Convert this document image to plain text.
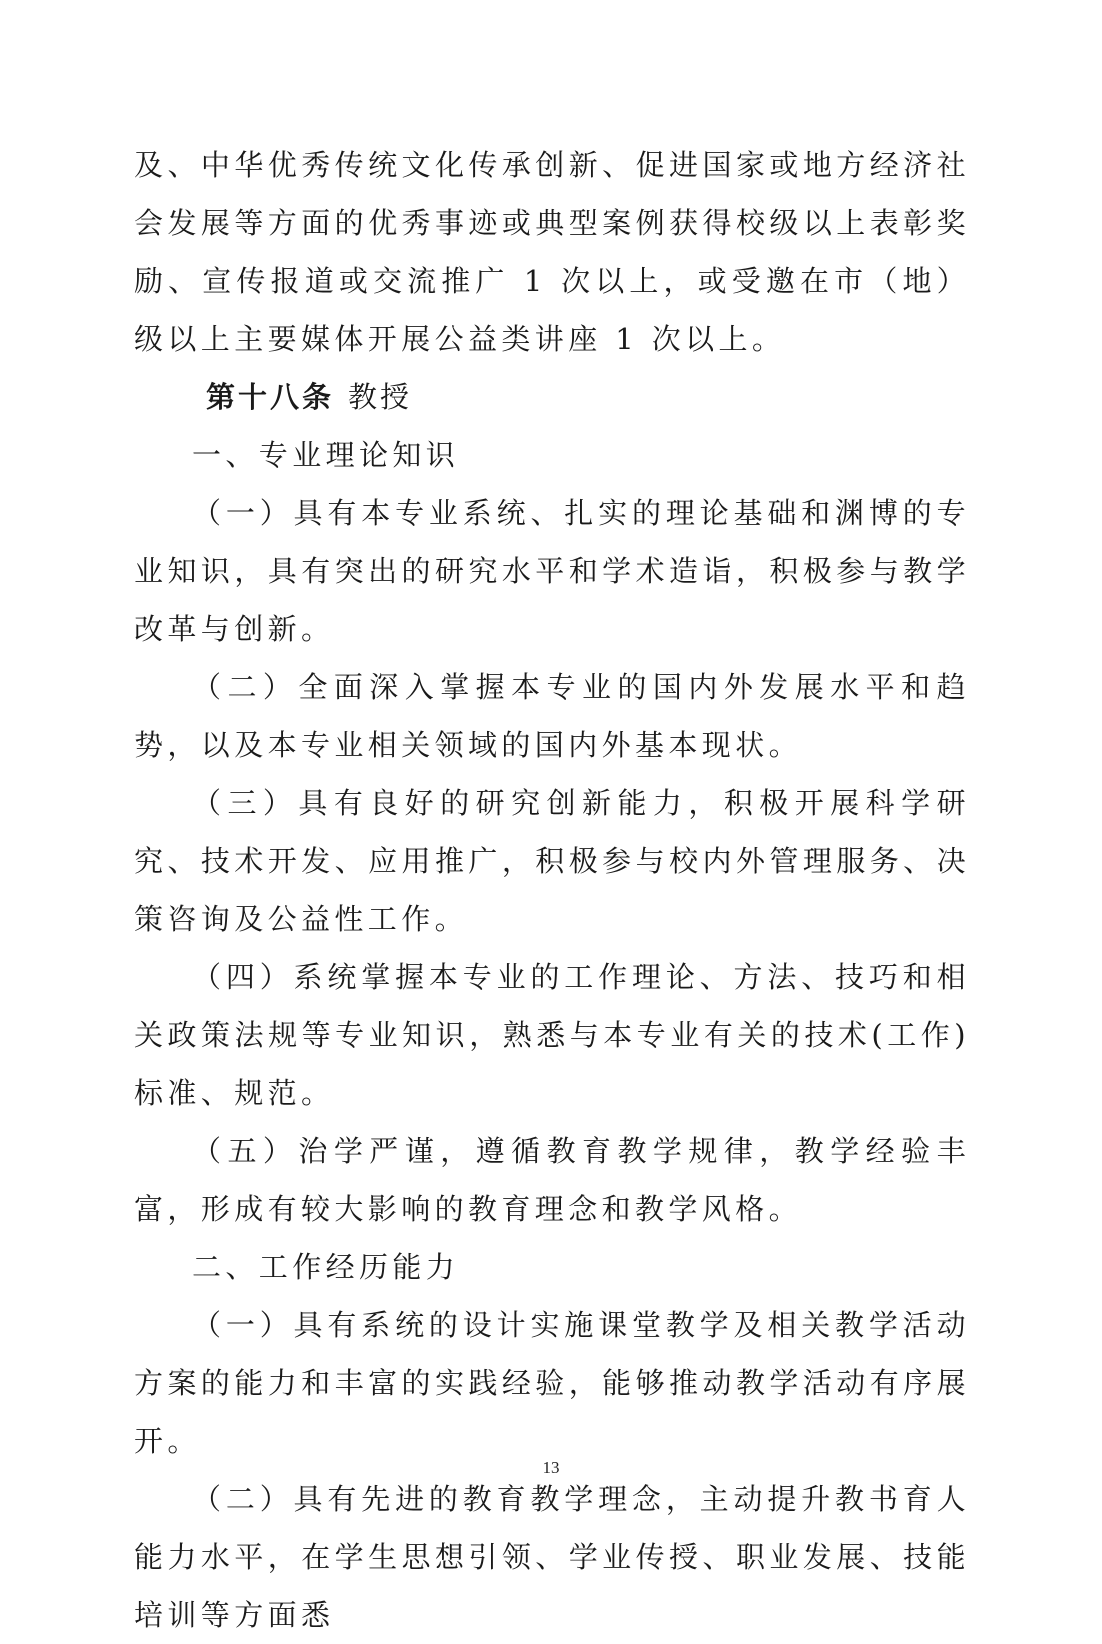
及、中华优秀传统文化传承创新、促进国家或地方经济社会发展等方面的优秀事迹或典型案例获得校级以上表彰奖励、宣传报道或交流推广 1 次以上，或受邀在市（地）级以上主要媒体开展公益类讲座 1 次以上。

第十八条 教授

一、专业理论知识

（一）具有本专业系统、扎实的理论基础和渊博的专业知识，具有突出的研究水平和学术造诣，积极参与教学改革与创新。

（二）全面深入掌握本专业的国内外发展水平和趋势，以及本专业相关领域的国内外基本现状。

（三）具有良好的研究创新能力，积极开展科学研究、技术开发、应用推广，积极参与校内外管理服务、决策咨询及公益性工作。

（四）系统掌握本专业的工作理论、方法、技巧和相关政策法规等专业知识，熟悉与本专业有关的技术(工作)标准、规范。

（五）治学严谨，遵循教育教学规律，教学经验丰富，形成有较大影响的教育理念和教学风格。

二、工作经历能力

（一）具有系统的设计实施课堂教学及相关教学活动方案的能力和丰富的实践经验，能够推动教学活动有序展开。

（二）具有先进的教育教学理念，主动提升教书育人能力水平，在学生思想引领、学业传授、职业发展、技能培训等方面悉

13
